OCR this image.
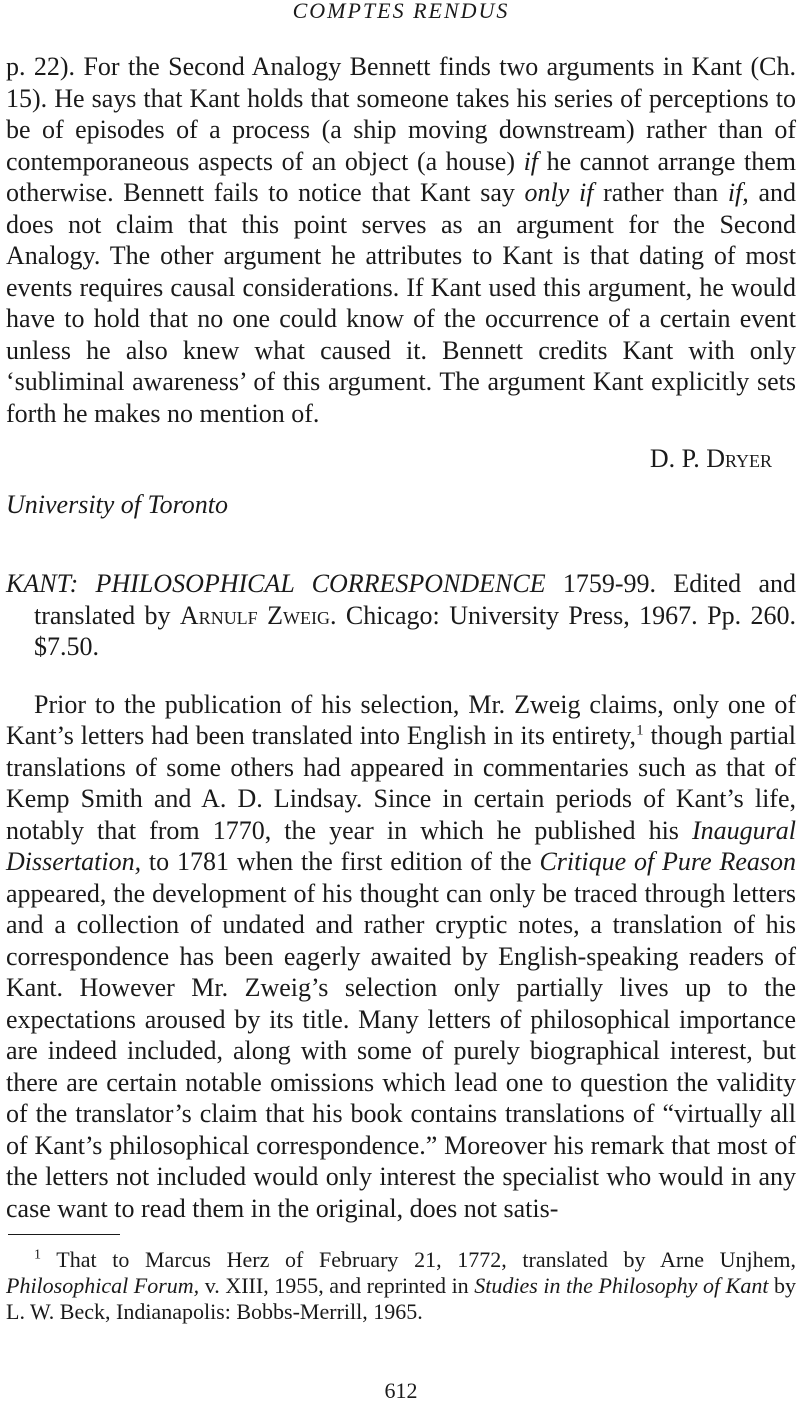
COMPTES RENDUS

p. 22). For the Second Analogy Bennett finds two arguments in Kant (Ch. 15). He says that Kant holds that someone takes his series of perceptions to be of episodes of a process (a ship moving downstream) rather than of contemporaneous aspects of an object (a house) if he cannot arrange them otherwise. Bennett fails to notice that Kant say only if rather than if, and does not claim that this point serves as an argument for the Second Analogy. The other argument he attributes to Kant is that dating of most events requires causal considerations. If Kant used this argument, he would have to hold that no one could know of the occurrence of a certain event unless he also knew what caused it. Bennett credits Kant with only ‘subliminal awareness’ of this argument. The argument Kant explicitly sets forth he makes no mention of.

D. P. Dryer
University of Toronto
KANT: PHILOSOPHICAL CORRESPONDENCE 1759-99. Edited and translated by Arnulf Zweig. Chicago: University Press, 1967. Pp. 260. $7.50.

Prior to the publication of his selection, Mr. Zweig claims, only one of Kant’s letters had been translated into English in its entirety,$^1$ though partial translations of some others had appeared in commentaries such as that of Kemp Smith and A. D. Lindsay. Since in certain periods of Kant’s life, notably that from 1770, the year in which he published his Inaugural Dissertation, to 1781 when the first edition of the Critique of Pure Reason appeared, the development of his thought can only be traced through letters and a collection of undated and rather cryptic notes, a translation of his correspondence has been eagerly awaited by English-speaking readers of Kant. However Mr. Zweig’s selection only partially lives up to the expectations aroused by its title. Many letters of philosophical importance are indeed included, along with some of purely biographical interest, but there are certain notable omissions which lead one to question the validity of the translator’s claim that his book contains translations of “virtually all of Kant’s philosophical correspondence.” Moreover his remark that most of the letters not included would only interest the specialist who would in any case want to read them in the original, does not satis-

$^1$ That to Marcus Herz of February 21, 1772, translated by Arne Unjhem, Philosophical Forum, v. XIII, 1955, and reprinted in Studies in the Philosophy of Kant by L. W. Beck, Indianapolis: Bobbs-Merrill, 1965.

612
